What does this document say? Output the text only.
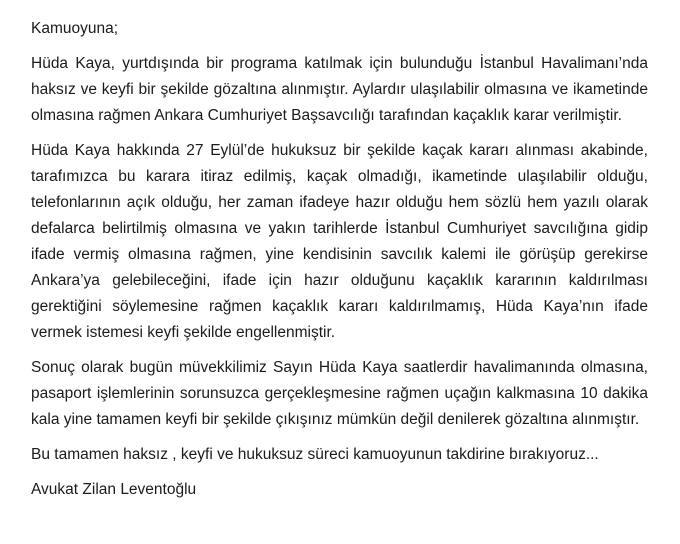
Kamuoyuna;

Hüda Kaya, yurtdışında bir programa katılmak için bulunduğu İstanbul Havalimanı’nda haksız ve keyfi bir şekilde gözaltına alınmıştır. Aylardır ulaşılabilir olmasına ve ikametinde olmasına rağmen Ankara Cumhuriyet Başsavcılığı tarafından kaçaklık karar verilmiştir.

Hüda Kaya hakkında 27 Eylül’de hukuksuz bir şekilde kaçak kararı alınması akabinde, tarafımızca bu karara itiraz edilmiş, kaçak olmadığı, ikametinde ulaşılabilir olduğu, telefonlarının açık olduğu, her zaman ifadeye hazır olduğu hem sözlü hem yazılı olarak defalarca belirtilmiş olmasına ve yakın tarihlerde İstanbul Cumhuriyet savcılığına gidip ifade vermiş olmasına rağmen, yine kendisinin savcılık kalemi ile görüşüp gerekirse Ankara’ya gelebileceğini, ifade için hazır olduğunu kaçaklık kararının kaldırılması gerektiğini söylemesine rağmen kaçaklık kararı kaldırılmamış, Hüda Kaya’nın ifade vermek istemesi keyfi şekilde engellenmiştir.

Sonuç olarak bugün müvekkilimiz Sayın Hüda Kaya saatlerdir havalimanında olmasına, pasaport işlemlerinin sorunsuzca gerçekleşmesine rağmen uçağın kalkmasına 10 dakika kala yine tamamen keyfi bir şekilde çıkışınız mümkün değil denilerek gözaltına alınmıştır.

Bu tamamen haksız , keyfi ve hukuksuz süreci kamuoyunun takdirine bırakıyoruz...

Avukat Zilan Leventoğlu
